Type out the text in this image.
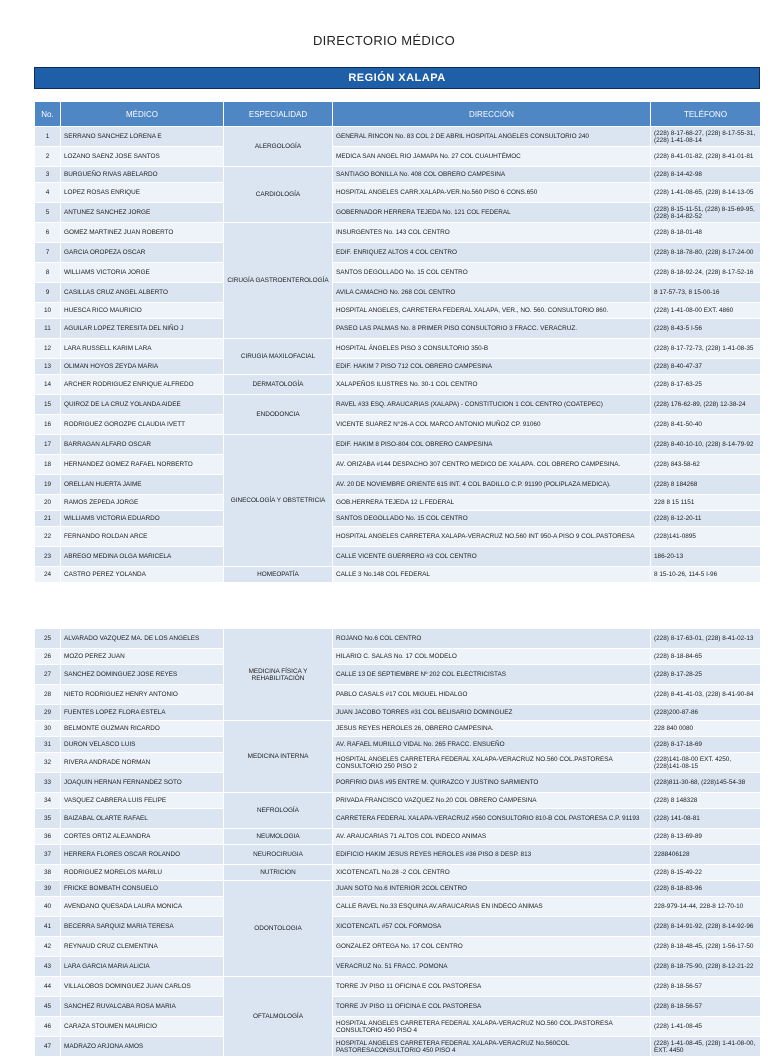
DIRECTORIO MÉDICO
REGIÓN XALAPA
No.	MÉDICO	ESPECIALIDAD	DIRECCIÓN	TELÉFONO
1	SERRANO SANCHEZ LORENA E	ALERGOLOGÍA	GENERAL RINCON No. 83 COL 2 DE ABRIL HOSPITAL ANGELES CONSULTORIO 240	(228) 8-17-68-27, (228) 8-17-55-31, (228) 1-41-08-14
2	LOZANO SAENZ JOSE SANTOS		MEDICA SAN ANGEL RIO JAMAPA No. 27 COL CUAUHTÉMOC	(228) 8-41-01-82, (228) 8-41-01-81
3	BURGUEÑO RIVAS ABELARDO	CARDIOLOGÍA	SANTIAGO BONILLA No. 408 COL OBRERO CAMPESINA	(228) 8-14-42-98
4	LOPEZ ROSAS ENRIQUE		HOSPITAL ANGELES CARR.XALAPA-VER.No.560 PISO 6 CONS.650	(228) 1-41-08-65, (228) 8-14-13-05
5	ANTUNEZ SANCHEZ JORGE		GOBERNADOR HERRERA TEJEDA No. 121 COL FEDERAL	(228) 8-15-11-51, (228) 8-15-69-95, (228) 8-14-82-52
6	GOMEZ MARTINEZ JUAN ROBERTO	CIRUGÍA GASTROENTEROLOGÍA	INSURGENTES No. 143 COL CENTRO	(228) 8-18-01-48
7	GARCIA OROPEZA OSCAR		EDIF. ENRIQUEZ ALTOS 4 COL CENTRO	(228) 8-18-78-80, (228) 8-17-24-00
8	WILLIAMS VICTORIA JORGE		SANTOS DEGOLLADO No. 15 COL CENTRO	(228) 8-18-92-24, (228) 8-17-52-16
9	CASILLAS CRUZ ANGEL ALBERTO		AVILA CAMACHO No. 268 COL CENTRO	8 17-57-73, 8 15-00-16
10	HUESCA RICO MAURICIO		HOSPITAL ANGELES, CARRETERA FEDERAL XALAPA, VER., NO. 560. CONSULTORIO 860.	(228) 1-41-08-00 EXT. 4860
11	AGUILAR LOPEZ TERESITA DEL NIÑO J		PASEO LAS PALMAS No. 8 PRIMER PISO CONSULTORIO 3 FRACC. VERACRUZ.	(228) 8-43-5 I-56
12	LARA RUSSELL KARIM LARA	CIRUGIA MAXILOFACIAL	HOSPITAL ÁNGELES PISO 3 CONSULTORIO 350-B	(228) 8-17-72-73, (228) 1-41-08-35
13	OLIMAN HOYOS ZEYDA MARIA		EDIF. HAKIM 7 PISO 712 COL OBRERO CAMPESINA	(228) 8-40-47-37
14	ARCHER RODRIGUEZ ENRIQUE ALFREDO	DERMATOLOGÍA	XALAPEÑOS ILUSTRES No. 30-1 COL CENTRO	(228) 8-17-63-25
15	QUIROZ DE LA CRUZ YOLANDA AIDEE	ENDODONCIA	RAVEL #33 ESQ. ARAUCARIAS (XALAPA) - CONSTITUCION 1 COL CENTRO (COATEPEC)	(228) 176-62-89, (228) 12-38-24
16	RODRIGUEZ GOROZPE CLAUDIA IVETT		VICENTE SUAREZ N°26-A COL MARCO ANTONIO MUÑOZ CP. 91060	(228) 8-41-50-40
17	BARRAGAN ALFARO OSCAR	GINECOLOGÍA Y OBSTETRICIA	EDIF. HAKIM 8 PISO-804 COL OBRERO CAMPESINA	(228) 8-40-10-10, (228) 8-14-79-92
18	HERNANDEZ GOMEZ RAFAEL NORBERTO		AV. ORIZABA #144 DESPACHO 307 CENTRO MEDICO DE XALAPA. COL OBRERO CAMPESINA.	(228) 843-58-62
19	ORELLAN HUERTA JAIME		AV. 20 DE NOVIEMBRE ORIENTE 615 INT. 4 COL BADILLO C.P. 91190 (POLIPLAZA MEDICA).	(228) 8 184268
20	RAMOS ZEPEDA JORGE		GOB.HERRERA TEJEDA 12 L.FEDERAL	228 8 15 1151
21	WILLIAMS VICTORIA EDUARDO		SANTOS DEGOLLADO No. 15 COL CENTRO	(228) 8-12-20-11
22	FERNANDO ROLDAN ARCE		HOSPITAL ANGELES CARRETERA XALAPA-VERACRUZ NO.560 INT 950-A PISO 9 COL.PASTORESA	(228)141-0895
23	ABREGO MEDINA OLGA MARICELA		CALLE VICENTE GUERRERO #3 COL CENTRO	186-20-13
24	CASTRO PEREZ YOLANDA	HOMEOPATÍA	CALLE 3 No.148 COL FEDERAL	8 15-10-26, 114-5 I-96
25	ALVARADO VAZQUEZ MA. DE LOS ANGELES	MEDICINA FÍSICA Y REHABILITACIÓN	ROJANO No.6 COL CENTRO	(228) 8-17-63-01, (228) 8-41-02-13
26	MOZO PEREZ JUAN		HILARIO C. SALAS No. 17 COL MODELO	(228) 8-18-84-65
27	SANCHEZ DOMINGUEZ JOSE REYES		CALLE 13 DE SEPTIEMBRE Nº 202 COL ELECTRICISTAS	(228) 8-17-28-25
28	NIETO RODRIGUEZ HENRY ANTONIO		PABLO CASALS #17 COL MIGUEL HIDALGO	(228) 8-41-41-03, (228) 8-41-90-84
29	FUENTES LOPEZ FLORA ESTELA		JUAN JACOBO TORRES #31 COL BELISARIO DOMINGUEZ	(228)200-87-86
30	BELMONTE GUZMAN RICARDO	MEDICINA INTERNA	JESUS REYES HEROLES 26, OBRERO CAMPESINA.	228 840 0080
31	DURON VELASCO LUIS		AV. RAFAEL MURILLO VIDAL No. 265 FRACC. ENSUEÑO	(228) 8-17-18-69
32	RIVERA ANDRADE NORMAN		HOSPITAL ANGELES CARRETERA FEDERAL XALAPA-VERACRUZ NO.560 COL.PASTORESA CONSULTORIO 250 PISO 2	(228)141-08-00 EXT. 4250, (228)141-08-15
33	JOAQUIN HERNAN FERNANDEZ SOTO		PORFIRIO DIAS #95 ENTRE M. QUIRAZCO Y JUSTINO SARMIENTO	(228)811-30-68, (228)145-54-38
34	VASQUEZ CABRERA LUIS FELIPE	NEFROLOGÍA	PRIVADA FRANCISCO VAZQUEZ No.20 COL OBRERO CAMPESINA	(228) 8 148328
35	BAIZABAL OLARTE RAFAEL		CARRETERA FEDERAL XALAPA-VERACRUZ #560 CONSULTORIO 810-B COL PASTORESA C.P. 91193	(228) 141-08-81
36	CORTES ORTIZ ALEJANDRA	NEUMOLOGIA	AV. ARAUCARIAS 71 ALTOS COL INDECO ANIMAS	(228) 8-13-69-89
37	HERRERA FLORES OSCAR ROLANDO	NEUROCIRUGIA	EDIFICIO HAKIM JESUS REYES HEROLES #36 PISO 8 DESP. 813	2288406128
38	RODRIGUEZ MORELOS MARILU	NUTRICION	XICOTENCATL No.28 -2 COL CENTRO	(228) 8-15-49-22
39	FRICKE BOMBATH CONSUELO	ODONTOLOGIA	JUAN SOTO No.6 INTERIOR 2COL CENTRO	(228) 8-18-83-96
40	AVENDANO QUESADA LAURA MONICA		CALLE RAVEL No.33 ESQUINA AV.ARAUCARIAS EN INDECO ANIMAS	228-979-14-44, 228-8 12-70-10
41	BECERRA SARQUIZ MARIA TERESA		XICOTENCATL #57 COL FORMOSA	(228) 8-14-91-92, (228) 8-14-92-96
42	REYNAUD CRUZ CLEMENTINA		GONZALEZ ORTEGA No. 17 COL CENTRO	(228) 8-18-48-45, (228) 1-56-17-50
43	LARA GARCIA MARIA ALICIA		VERACRUZ No. 51 FRACC. POMONA	(228) 8-18-75-90, (228) 8-12-21-22
44	VILLALOBOS DOMINGUEZ JUAN CARLOS	OFTALMOLOGÍA	TORRE JV PISO 11 OFICINA E COL PASTORESA	(228) 8-18-56-57
45	SANCHEZ RUVALCABA ROSA MARIA		TORRE JV PISO 11 OFICINA E COL PASTORESA	(228) 8-18-56-57
46	CARAZA STOUMEN MAURICIO		HOSPITAL ANGELES CARRETERA FEDERAL XALAPA-VERACRUZ NO.560 COL.PASTORESA CONSULTORIO 450 PISO 4	(228) 1-41-08-45
47	MADRAZO ARJONA AMOS		HOSPITAL ANGELES CARRETERA FEDERAL XALAPA-VERACRUZ No.560COL PASTORESACONSULTORIO 450 PISO 4	(228) 1-41-08-45, (228) 1-41-08-00, EXT. 4450
